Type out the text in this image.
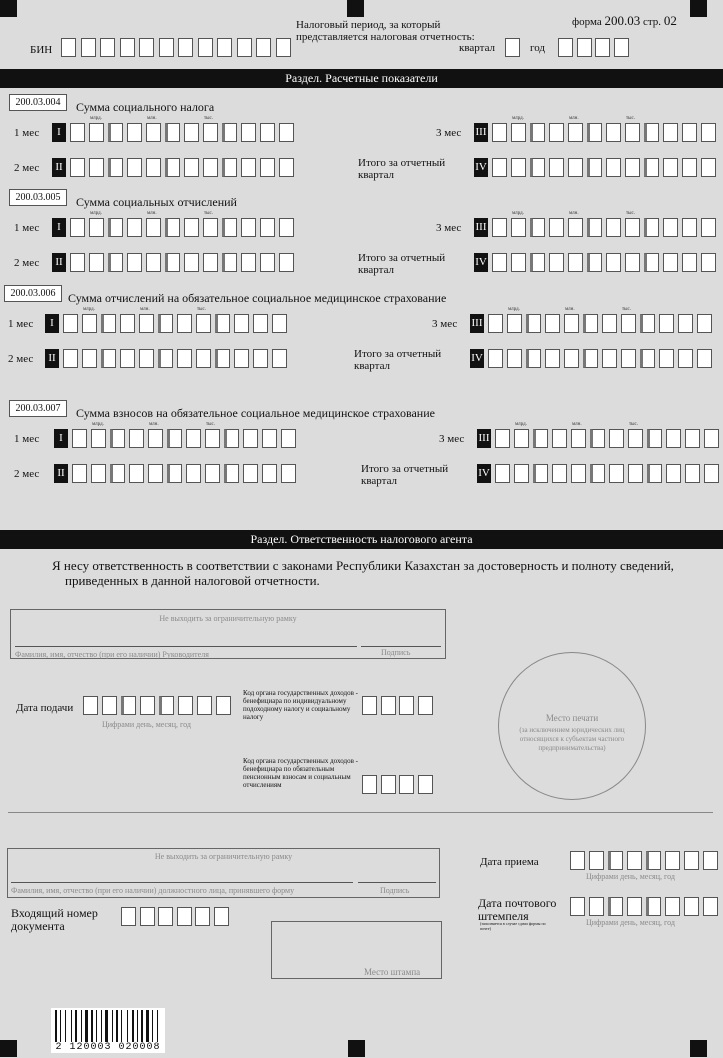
Налоговый период, за который представляется налоговая отчетность:
форма 200.03 стр. 02
БИН	квартал	год
Раздел. Расчетные показатели
200.03.004	Сумма социального налога
1 мес	I
млрд.	млн.	тыс.
2 мес	II
3 мес III
млрд.	млн.	тыс.
Итого за отчетный
квартал
IV
200.03.005	Сумма социальных отчислений
1 мес	I
млрд.	млн.	тыс.
2 мес	II
3 мес III
млрд.	млн.	тыс.
Итого за отчетный
квартал
IV
200.03.006	Сумма отчислений на обязательное социальное медицинское страхование
1 мес	I
млрд.	млн.	тыс.
2 мес	II
3 мес III
млрд.	млн.	тыс.
Итого за отчетный
квартал
IV
200.03.007	Сумма взносов на обязательное социальное медицинское страхование
1 мес	I
млрд.	млн.	тыс.
2 мес	II
3 мес III
млрд.	млн.	тыс.
Итого за отчетный
квартал
IV
Раздел. Ответственность налогового агента
Я несу ответственность в соответствии с законами Республики Казахстан за достоверность и полноту сведений, приведенных в данной налоговой отчетности.
Не выходить за ограничительную рамку
Фамилия, имя, отчество (при его наличии) Руководителя	Подпись
Дата подачи
Цифрами день, месяц, год
Код органа государственных доходов - бенефициара по индивидуальному подоходному налогу и социальному налогу
Код органа государственных доходов - бенефициара по обязательным пенсионным взносам и социальным отчислениям
Место печати
(за исключением юридических лиц относящихся к субъектам частного предпринимательства)
Не выходить за ограничительную рамку
Фамилия, имя, отчество (при его наличии) должностного лица, принявшего форму	Подпись
Входящий номер документа
Место штампа
Дата приема
Цифрами день, месяц, год
Дата почтового штемпеля
(заполняется в случае сдачи формы по почте)
Цифрами день, месяц, год
2 120003 020008
